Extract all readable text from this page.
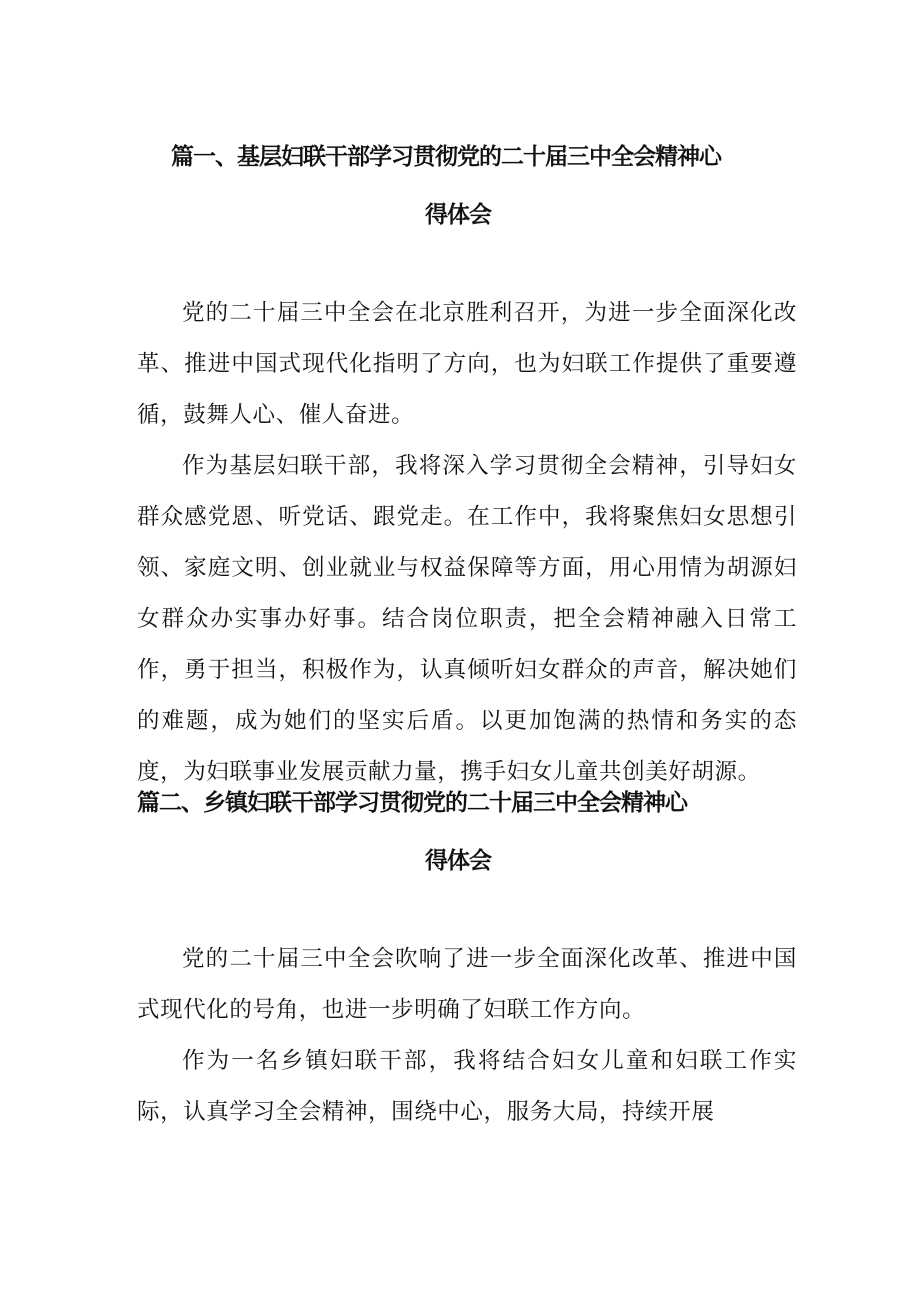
篇一、基层妇联干部学习贯彻党的二十届三中全会精神心
得体会
党的二十届三中全会在北京胜利召开，为进一步全面深化改革、推进中国式现代化指明了方向，也为妇联工作提供了重要遵循，鼓舞人心、催人奋进。
作为基层妇联干部，我将深入学习贯彻全会精神，引导妇女群众感党恩、听党话、跟党走。在工作中，我将聚焦妇女思想引领、家庭文明、创业就业与权益保障等方面，用心用情为胡源妇女群众办实事办好事。结合岗位职责，把全会精神融入日常工作，勇于担当，积极作为，认真倾听妇女群众的声音，解决她们的难题，成为她们的坚实后盾。以更加饱满的热情和务实的态度，为妇联事业发展贡献力量，携手妇女儿童共创美好胡源。
篇二、乡镇妇联干部学习贯彻党的二十届三中全会精神心
得体会
党的二十届三中全会吹响了进一步全面深化改革、推进中国式现代化的号角，也进一步明确了妇联工作方向。
作为一名乡镇妇联干部，我将结合妇女儿童和妇联工作实际，认真学习全会精神，围绕中心，服务大局，持续开展
